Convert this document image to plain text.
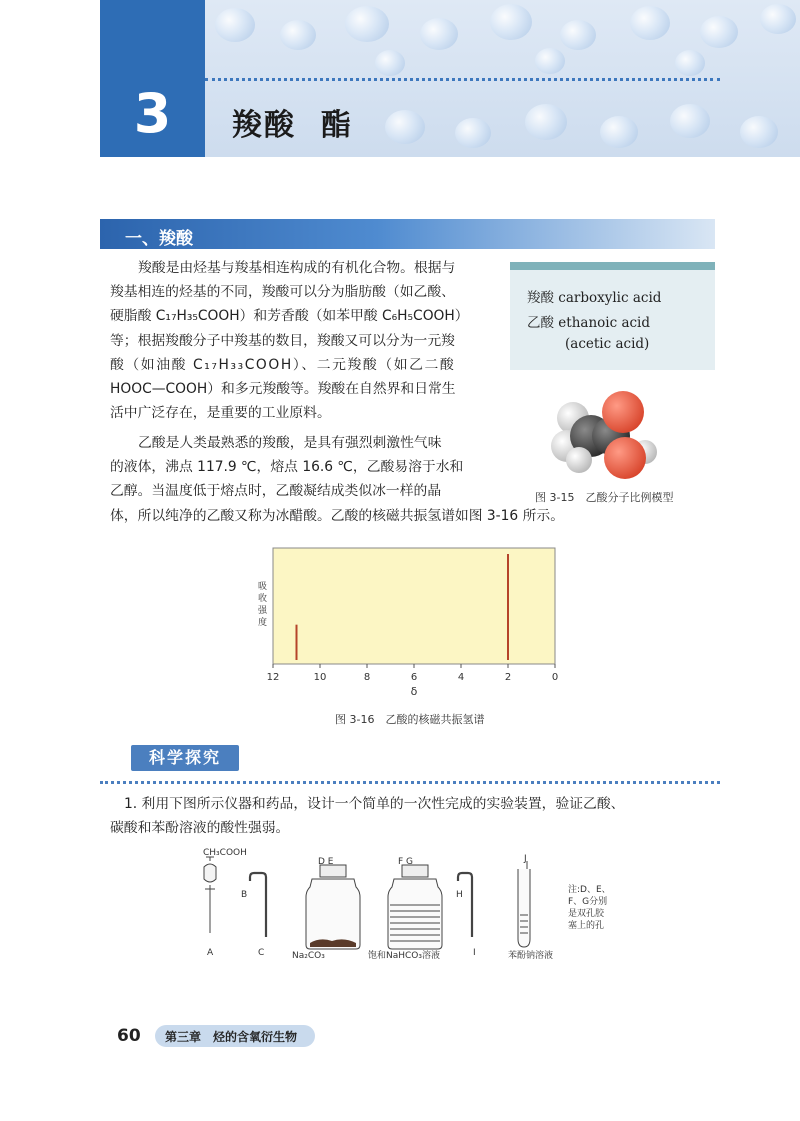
3	羧酸  酯
一、羧酸
羧酸是由烃基与羧基相连构成的有机化合物。根据与
羧基相连的烃基的不同，羧酸可以分为脂肪酸（如乙酸、
硬脂酸 C₁₇H₃₅COOH）和芳香酸（如苯甲酸 C₆H₅COOH）
等；根据羧酸分子中羧基的数目，羧酸又可以分为一元羧
酸（如油酸 C₁₇H₃₃COOH）、二元羧酸（如乙二酸
HOOC—COOH）和多元羧酸等。羧酸在自然界和日常生
活中广泛存在，是重要的工业原料。
乙酸是人类最熟悉的羧酸，是具有强烈刺激性气味
的液体，沸点 117.9 ℃，熔点 16.6 ℃，乙酸易溶于水和
乙醇。当温度低于熔点时，乙酸凝结成类似冰一样的晶
体，所以纯净的乙酸又称为冰醋酸。乙酸的核磁共振氢谱如图 3-16 所示。
羧酸 carboxylic acid
乙酸 ethanoic acid
(acetic acid)
图 3-15　乙酸分子比例模型
12	10	8	6	4	2	0
吸
收
强
度
δ
图 3-16　乙酸的核磁共振氢谱
科学探究
1. 利用下图所示仪器和药品，设计一个简单的一次性完成的实验装置，验证乙酸、
碳酸和苯酚溶液的酸性强弱。
CH₃COOH
A
B
C
D E
Na₂CO₃
F G
饱和NaHCO₃溶液
H
I
J
苯酚钠溶液
注:D、E、
F、G分别
是双孔胶
塞上的孔
60 第三章　烃的含氧衍生物
